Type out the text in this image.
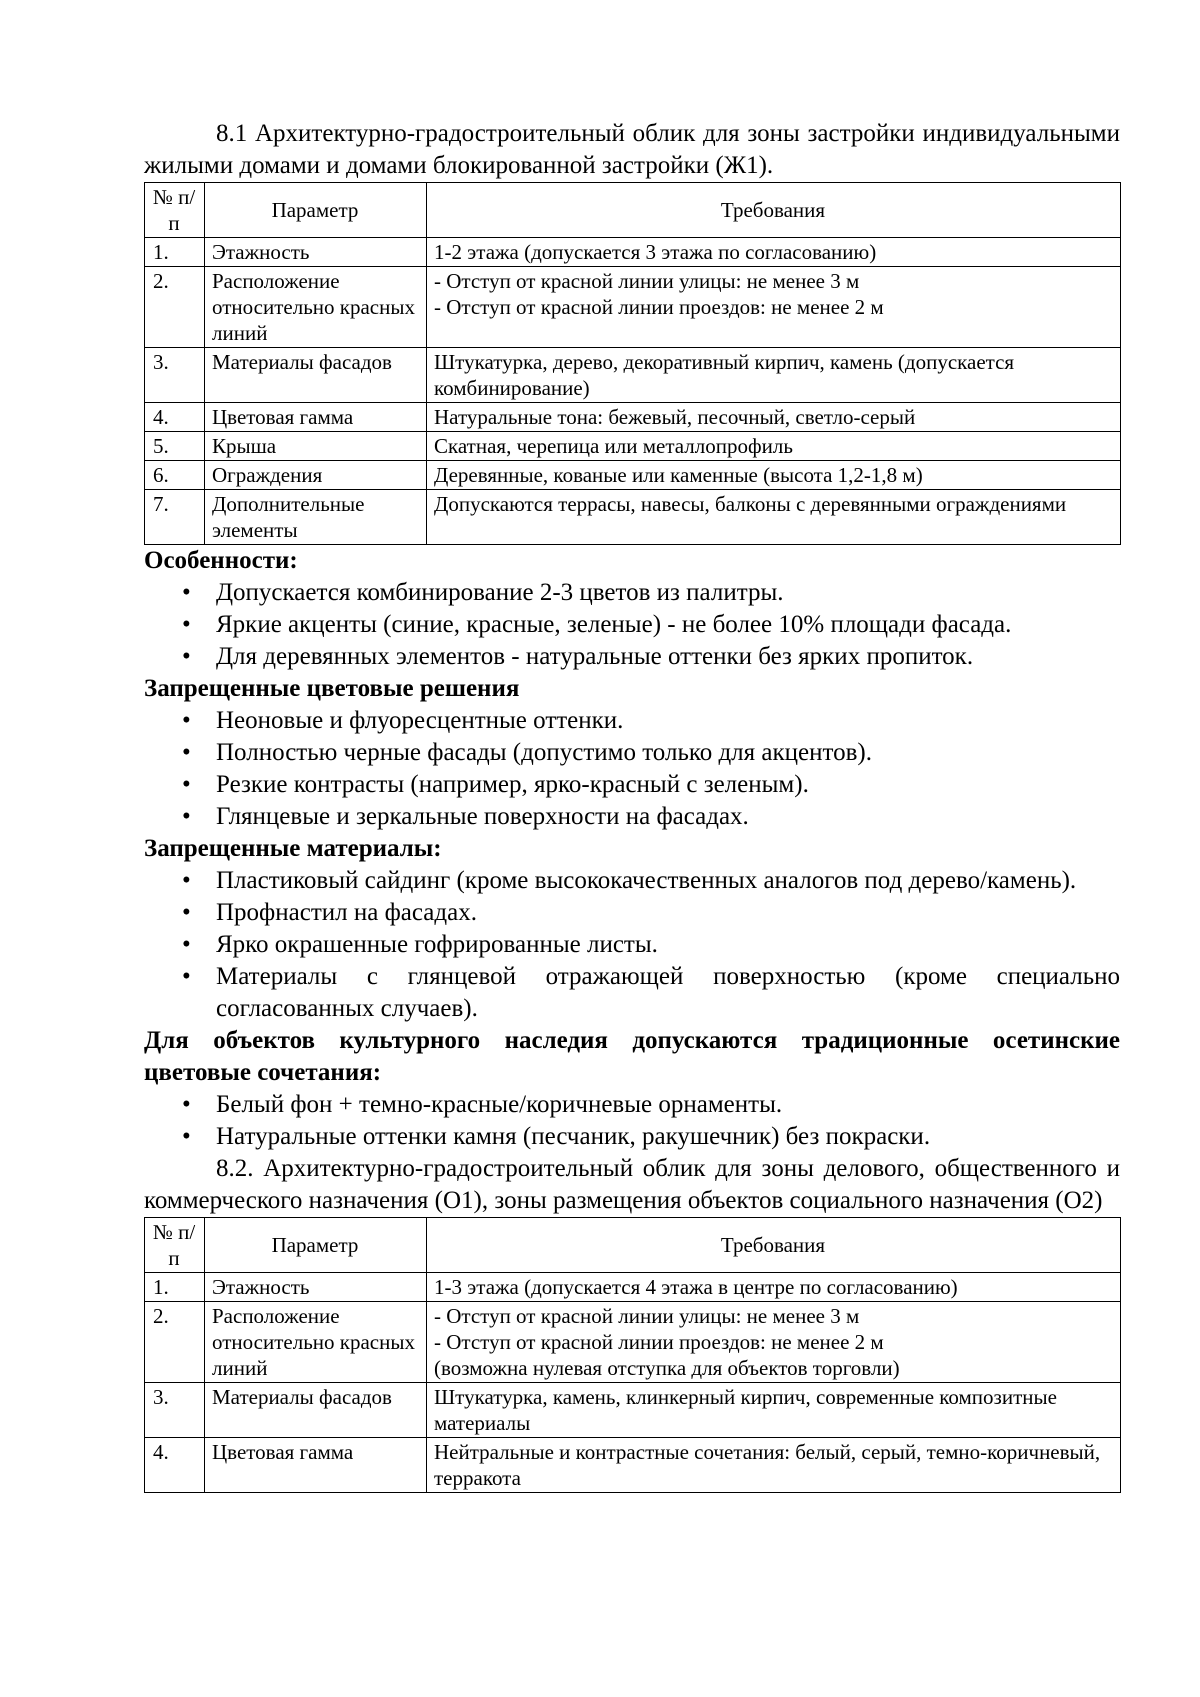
8.1 Архитектурно-градостроительный облик для зоны застройки индивидуальными жилыми домами и домами блокированной застройки (Ж1).

№ п/п	Параметр	Требования
1.	Этажность	1-2 этажа (допускается 3 этажа по согласованию)

2.	Расположение относительно красных линий	- Отступ от красной линии улицы: не менее 3 м
- Отступ от красной линии проездов: не менее 2 м

3.	Материалы фасадов	Штукатурка, дерево, декоративный кирпич, камень (допускается комбинирование)

4.	Цветовая гамма	Натуральные тона: бежевый, песочный, светло-серый

5.	Крыша	Скатная, черепица или металлопрофиль

6.	Ограждения	Деревянные, кованые или каменные (высота 1,2-1,8 м)

7.	Дополнительные элементы	Допускаются террасы, навесы, балконы с деревянными ограждениями

Особенности:

• Допускается комбинирование 2-3 цветов из палитры.
• Яркие акценты (синие, красные, зеленые) - не более 10% площади фасада.
• Для деревянных элементов - натуральные оттенки без ярких пропиток.

Запрещенные цветовые решения

• Неоновые и флуоресцентные оттенки.
• Полностью черные фасады (допустимо только для акцентов).
• Резкие контрасты (например, ярко-красный с зеленым).
• Глянцевые и зеркальные поверхности на фасадах.

Запрещенные материалы:

• Пластиковый сайдинг (кроме высококачественных аналогов под дерево/камень).
• Профнастил на фасадах.
• Ярко окрашенные гофрированные листы.
• Материалы с глянцевой отражающей поверхностью (кроме специально согласованных случаев).

Для объектов культурного наследия допускаются традиционные осетинские цветовые сочетания:

• Белый фон + темно-красные/коричневые орнаменты.
• Натуральные оттенки камня (песчаник, ракушечник) без покраски.

8.2. Архитектурно-градостроительный облик для зоны делового, общественного и коммерческого назначения (О1), зоны размещения объектов социального назначения (О2)

№ п/п	Параметр	Требования
1.	Этажность	1-3 этажа (допускается 4 этажа в центре по согласованию)

2.	Расположение относительно красных линий	- Отступ от красной линии улицы: не менее 3 м
- Отступ от красной линии проездов: не менее 2 м
(возможна нулевая отступка для объектов торговли)

3.	Материалы фасадов	Штукатурка, камень, клинкерный кирпич, современные композитные материалы

4.	Цветовая гамма	Нейтральные и контрастные сочетания: белый, серый, темно-коричневый, терракота
